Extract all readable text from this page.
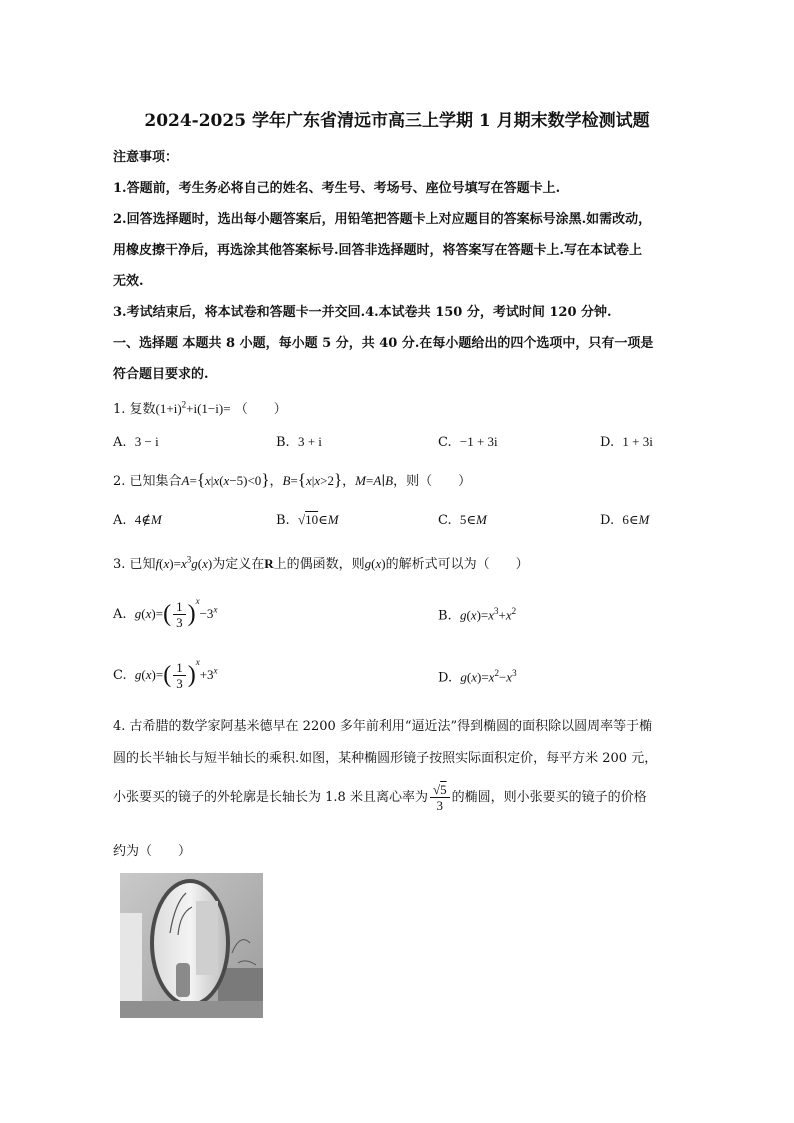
2024-2025 学年广东省清远市高三上学期 1 月期末数学检测试题
注意事项：
1.答题前，考生务必将自己的姓名、考生号、考场号、座位号填写在答题卡上.
2.回答选择题时，选出每小题答案后，用铅笔把答题卡上对应题目的答案标号涂黑.如需改动，
用橡皮擦干净后，再选涂其他答案标号.回答非选择题时，将答案写在答题卡上.写在本试卷上
无效.
3.考试结束后，将本试卷和答题卡一并交回.4.本试卷共 150 分，考试时间 120 分钟.
一、选择题 本题共 8 小题，每小题 5 分，共 40 分.在每小题给出的四个选项中，只有一项是
符合题目要求的.
1. 复数$(1+i)^2+i(1-i)=$ （　　）
A. 3 − i	B. 3 + i	C. −1 + 3i	D. 1 + 3i
2. 已知集合A={x|x(x−5)<0}，B={x|x>2}，M=A∣B，则（　　）
A. 4∉M	B. √10∈M	C. 5∈M	D. 6∈M
3. 已知$f(x)=x^3g(x)$为定义在R上的偶函数，则g(x)的解析式可以为（　　）
A. $g(x)=( \frac{1}{3} )^x-3^x$	B. $g(x)=x^3+x^2$
C. $g(x)=( \frac{1}{3} )^x+3^x$	D. $g(x)=x^2-x^3$
4. 古希腊的数学家阿基米德早在 2200 多年前利用“逼近法”得到椭圆的面积除以圆周率等于椭
圆的长半轴长与短半轴长的乘积.如图，某种椭圆形镜子按照实际面积定价，每平方米 200 元，
小张要买的镜子的外轮廓是长轴长为 1.8 米且离心率为 $\frac{√5}{3}$ 的椭圆，则小张要买的镜子的价格
约为（　　）
